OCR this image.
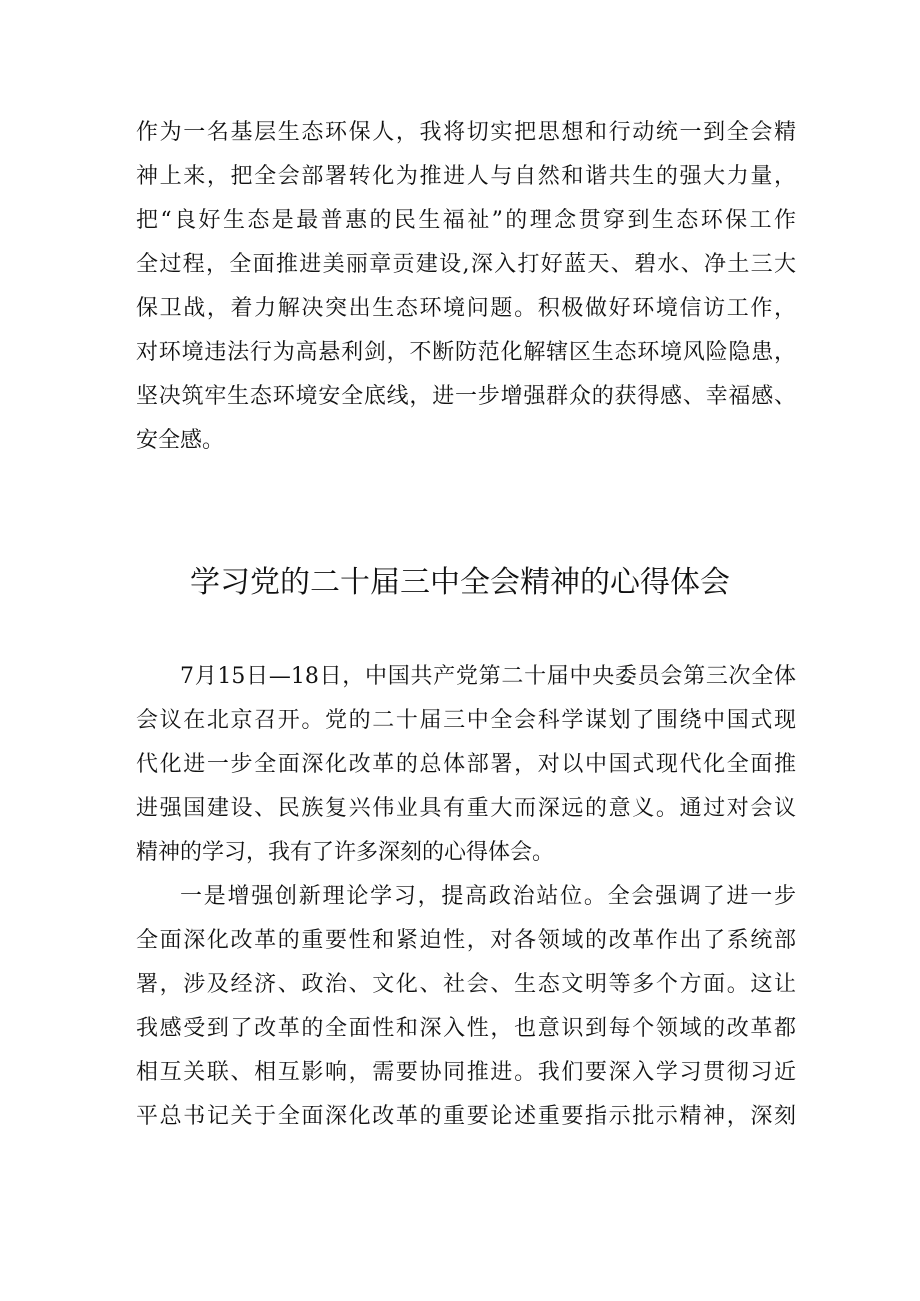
作为一名基层生态环保人，我将切实把思想和行动统一到全会精
神上来，把全会部署转化为推进人与自然和谐共生的强大力量，
把“良好生态是最普惠的民生福祉”的理念贯穿到生态环保工作
全过程，全面推进美丽章贡建设,深入打好蓝天、碧水、净土三大
保卫战，着力解决突出生态环境问题。积极做好环境信访工作，
对环境违法行为高悬利剑，不断防范化解辖区生态环境风险隐患，
坚决筑牢生态环境安全底线，进一步增强群众的获得感、幸福感、
安全感。
学习党的二十届三中全会精神的心得体会
7月15日—18日，中国共产党第二十届中央委员会第三次全体
会议在北京召开。党的二十届三中全会科学谋划了围绕中国式现
代化进一步全面深化改革的总体部署，对以中国式现代化全面推
进强国建设、民族复兴伟业具有重大而深远的意义。通过对会议
精神的学习，我有了许多深刻的心得体会。
一是增强创新理论学习，提高政治站位。全会强调了进一步
全面深化改革的重要性和紧迫性，对各领域的改革作出了系统部
署，涉及经济、政治、文化、社会、生态文明等多个方面。这让
我感受到了改革的全面性和深入性，也意识到每个领域的改革都
相互关联、相互影响，需要协同推进。我们要深入学习贯彻习近
平总书记关于全面深化改革的重要论述重要指示批示精神，深刻
